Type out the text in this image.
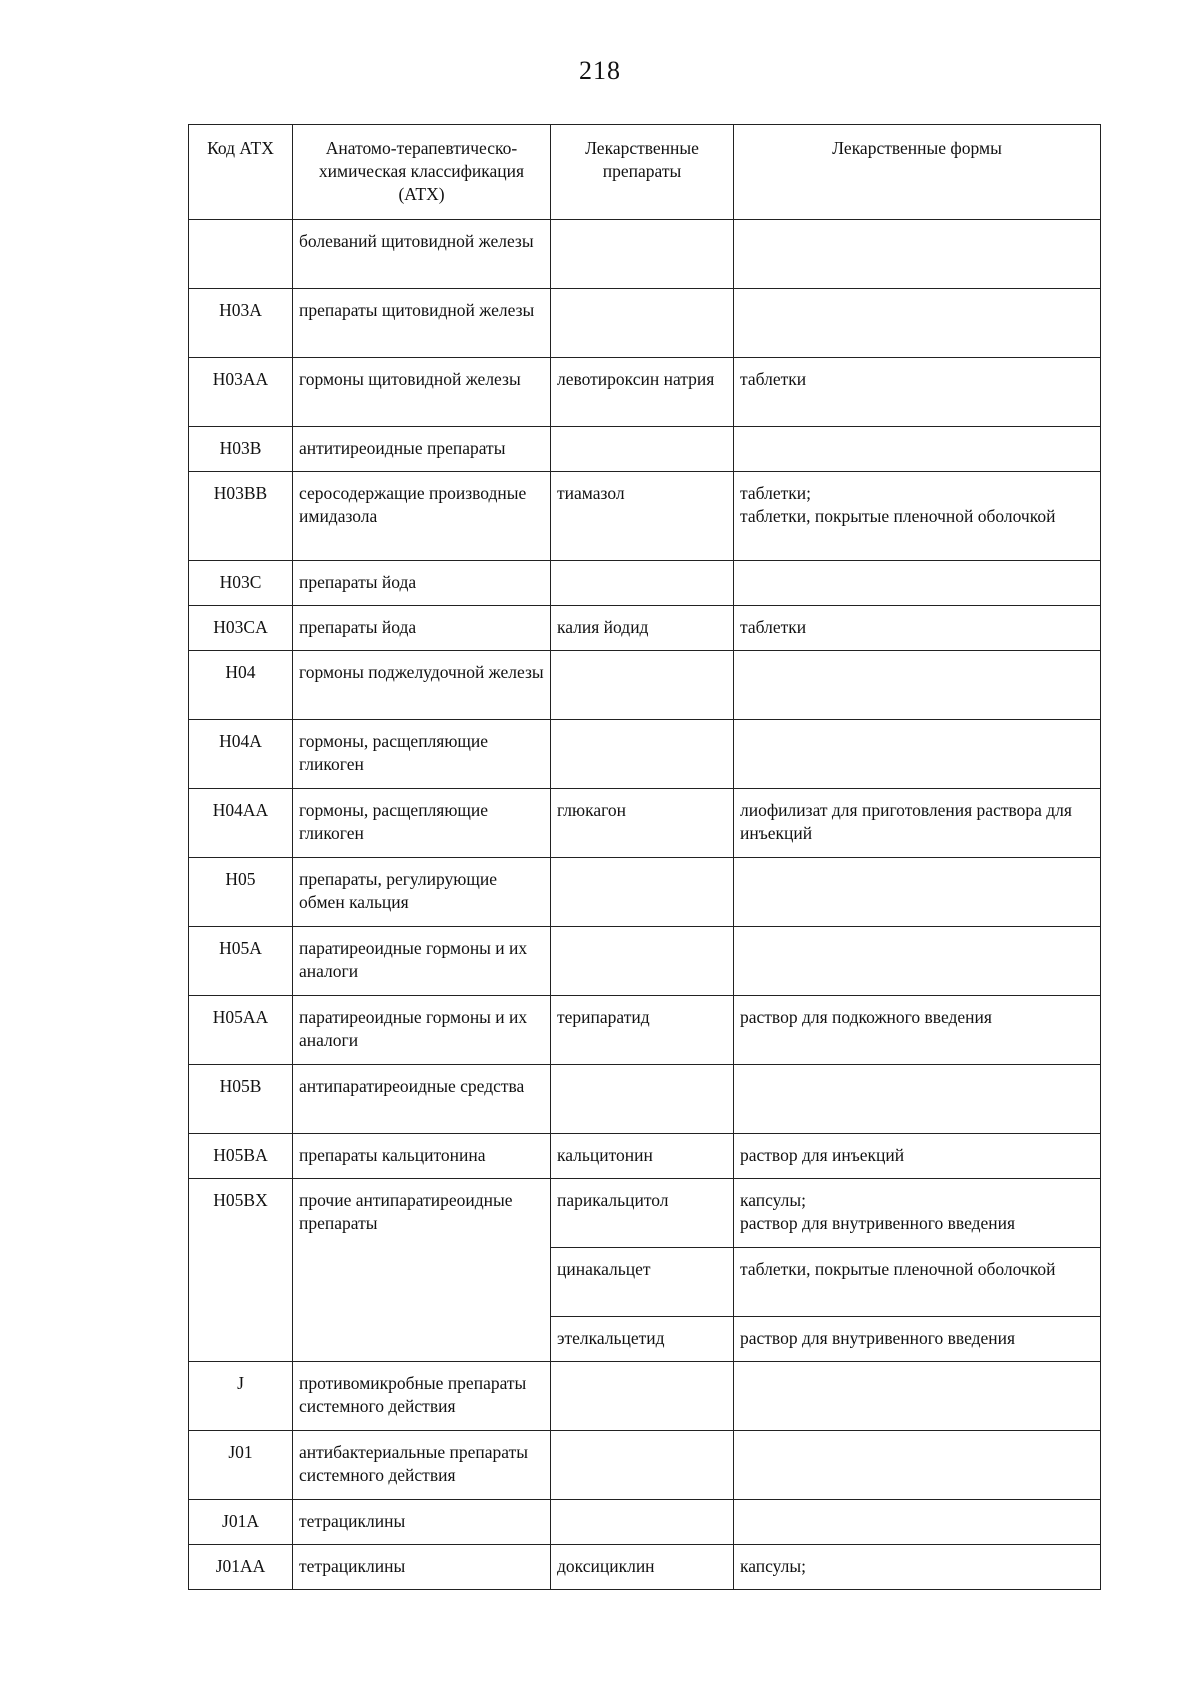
218
Код АТХ	Анатомо-терапевтическо-химическая классификация (АТХ)	Лекарственные препараты	Лекарственные формы
	болеваний щитовидной железы		
H03A	препараты щитовидной железы		
H03AA	гормоны щитовидной железы	левотироксин натрия	таблетки

H03B	антитиреоидные препараты		
H03BB	серосодержащие производные имидазола	тиамазол	таблетки;
таблетки, покрытые пленочной оболочкой

H03C	препараты йода		
H03CA	препараты йода	калия йодид	таблетки

H04	гормоны поджелудочной железы		
H04A	гормоны, расщепляющие гликоген		
H04AA	гормоны, расщепляющие гликоген	глюкагон	лиофилизат для приготовления раствора для инъекций

H05	препараты, регулирующие обмен кальция		
H05A	паратиреоидные гормоны и их аналоги		
H05AA	паратиреоидные гормоны и их аналоги	терипаратид	раствор для подкожного введения

H05B	антипаратиреоидные средства		
H05BA	препараты кальцитонина	кальцитонин	раствор для инъекций

H05BX	прочие антипаратиреоидные препараты	парикальцитол	капсулы;
раствор для внутривенного введения

		цинакальцет	таблетки, покрытые пленочной оболочкой

		этелкальцетид	раствор для внутривенного введения

J	противомикробные препараты системного действия		
J01	антибактериальные препараты системного действия		
J01A	тетрациклины		
J01AA	тетрациклины	доксициклин	капсулы;
